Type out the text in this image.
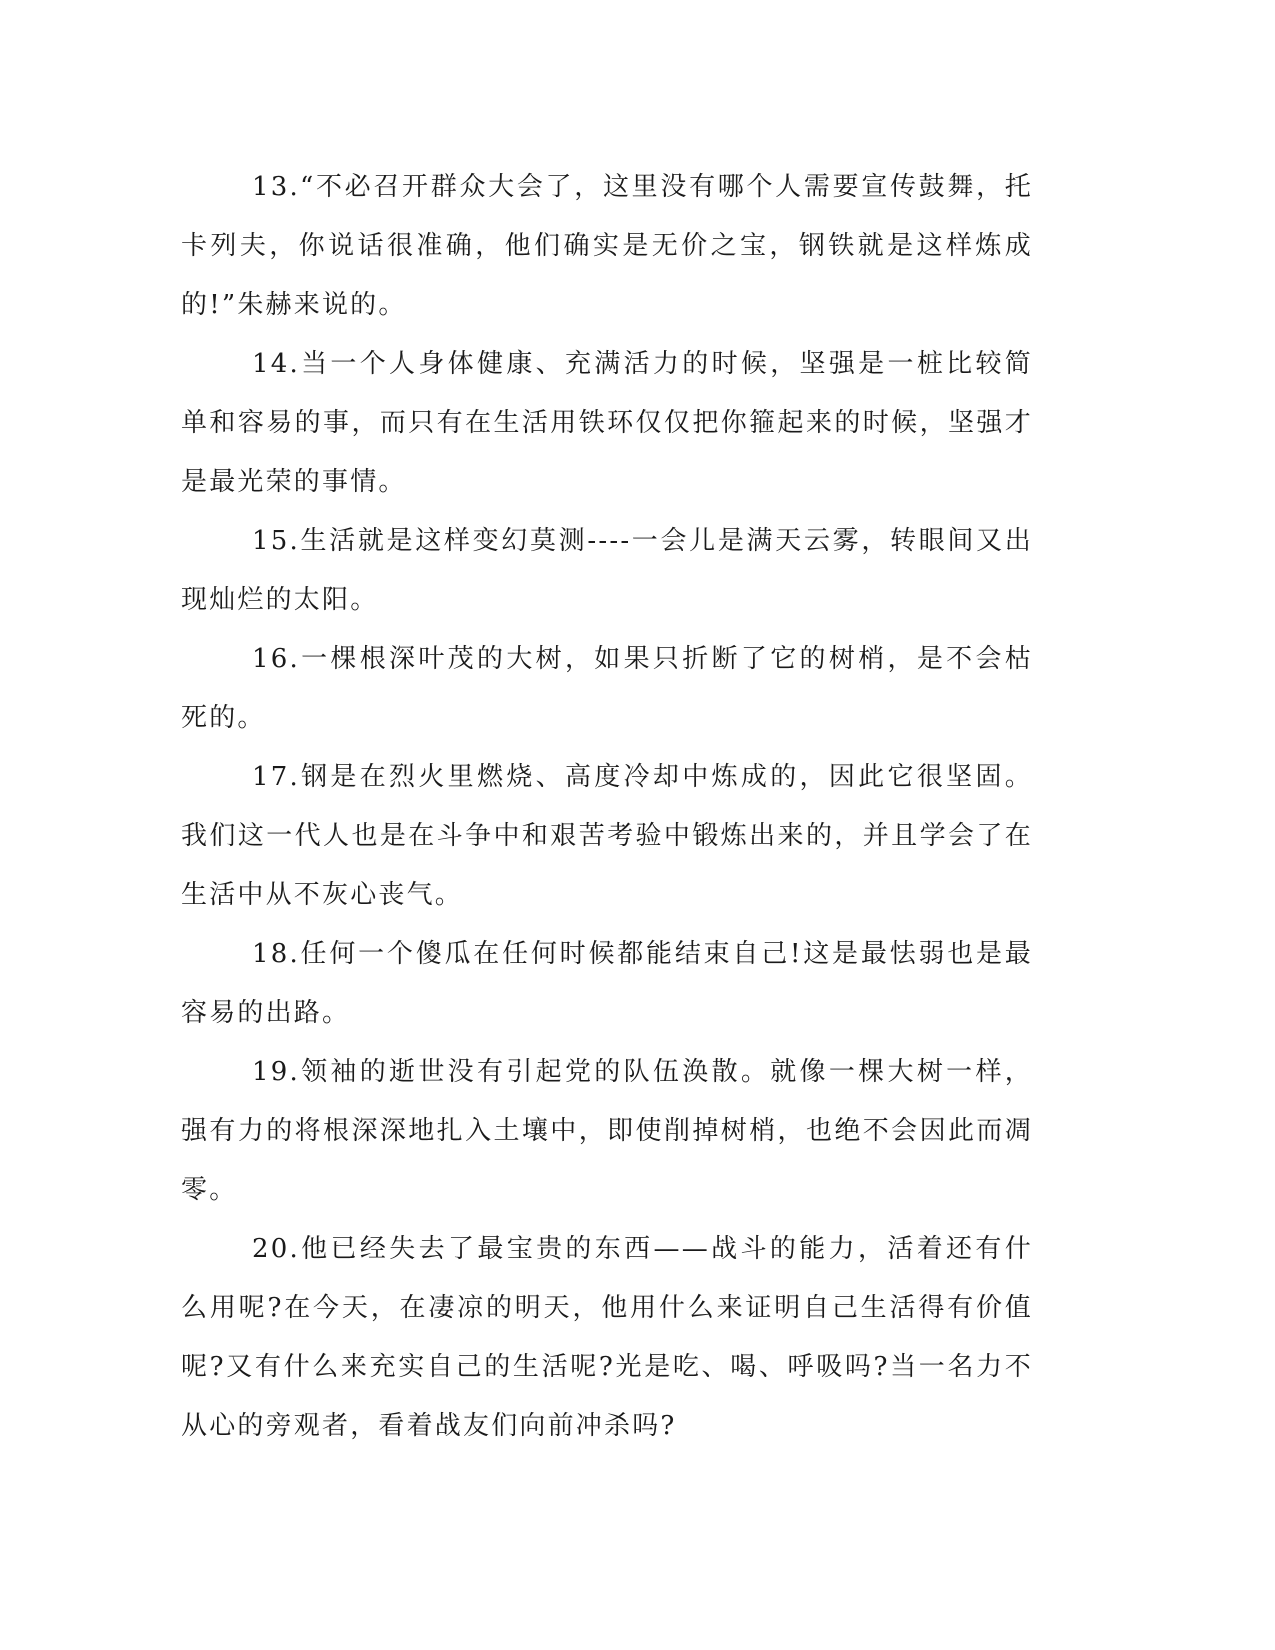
13.“不必召开群众大会了，这里没有哪个人需要宣传鼓舞，托卡列夫，你说话很准确，他们确实是无价之宝，钢铁就是这样炼成的!”朱赫来说的。

14.当一个人身体健康、充满活力的时候，坚强是一桩比较简单和容易的事，而只有在生活用铁环仅仅把你箍起来的时候，坚强才是最光荣的事情。

15.生活就是这样变幻莫测----一会儿是满天云雾，转眼间又出现灿烂的太阳。

16.一棵根深叶茂的大树，如果只折断了它的树梢，是不会枯死的。

17.钢是在烈火里燃烧、高度冷却中炼成的，因此它很坚固。我们这一代人也是在斗争中和艰苦考验中锻炼出来的，并且学会了在生活中从不灰心丧气。

18.任何一个傻瓜在任何时候都能结束自己!这是最怯弱也是最容易的出路。

19.领袖的逝世没有引起党的队伍涣散。就像一棵大树一样，强有力的将根深深地扎入土壤中，即使削掉树梢，也绝不会因此而凋零。

20.他已经失去了最宝贵的东西——战斗的能力，活着还有什么用呢?在今天，在凄凉的明天，他用什么来证明自己生活得有价值呢?又有什么来充实自己的生活呢?光是吃、喝、呼吸吗?当一名力不从心的旁观者，看着战友们向前冲杀吗?
